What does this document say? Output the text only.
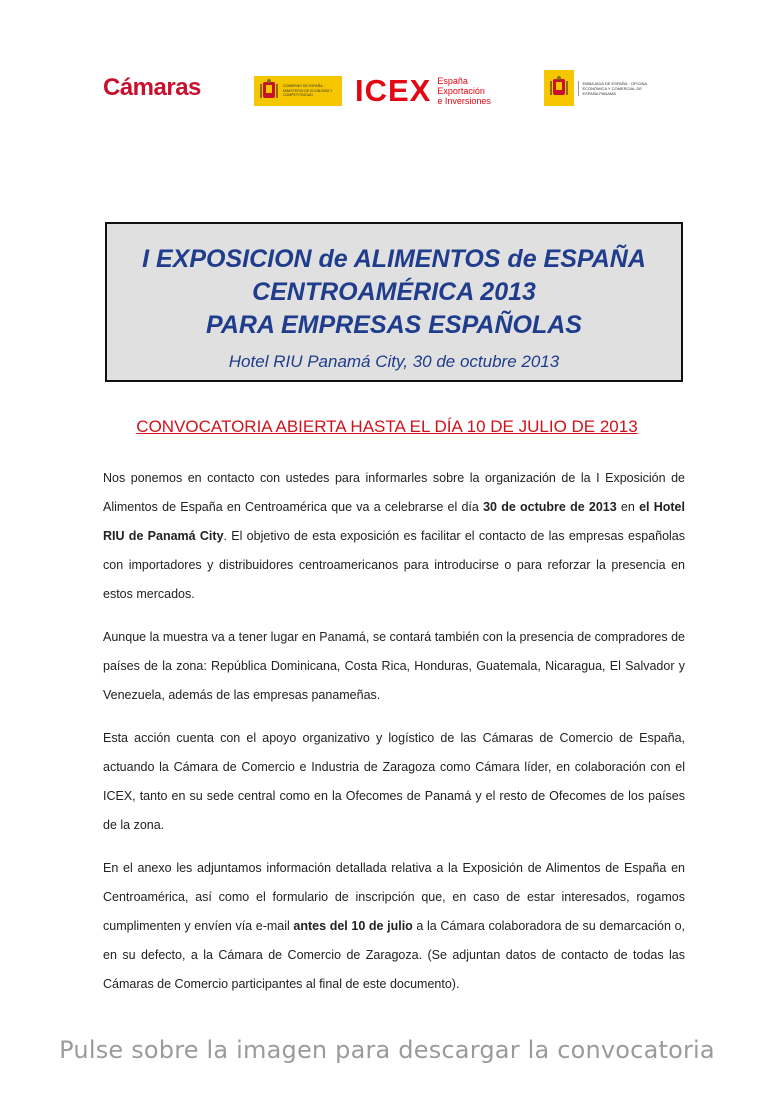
Cámaras	GOBIERNO DE ESPAÑA · MINISTERIO DE ECONOMÍA Y COMPETITIVIDAD	ICEX España
Exportación
e Inversiones
EMBAJADA DE ESPAÑA · OFICINA ECONÓMICA Y COMERCIAL DE ESPAÑA PANAMÁ
I EXPOSICION de ALIMENTOS de ESPAÑA
CENTROAMÉRICA 2013
PARA EMPRESAS ESPAÑOLAS
Hotel RIU Panamá City, 30 de octubre 2013
CONVOCATORIA ABIERTA HASTA EL DÍA 10 DE JULIO DE 2013

Nos ponemos en contacto con ustedes para informarles sobre la organización de la I Exposición de Alimentos de España en Centroamérica que va a celebrarse el día 30 de octubre de 2013 en el Hotel RIU de Panamá City. El objetivo de esta exposición es facilitar el contacto de las empresas españolas con importadores y distribuidores centroamericanos para introducirse o para reforzar la presencia en estos mercados.

Aunque la muestra va a tener lugar en Panamá, se contará también con la presencia de compradores de países de la zona: República Dominicana, Costa Rica, Honduras, Guatemala, Nicaragua, El Salvador y Venezuela, además de las empresas panameñas.

Esta acción cuenta con el apoyo organizativo y logístico de las Cámaras de Comercio de España, actuando la Cámara de Comercio e Industria de Zaragoza como Cámara líder, en colaboración con el ICEX, tanto en su sede central como en la Ofecomes de Panamá y el resto de Ofecomes de los países de la zona.

En el anexo les adjuntamos información detallada relativa a la Exposición de Alimentos de España en Centroamérica, así como el formulario de inscripción que, en caso de estar interesados, rogamos cumplimenten y envíen vía e-mail antes del 10 de julio a la Cámara colaboradora de su demarcación o, en su defecto, a la Cámara de Comercio de Zaragoza. (Se adjuntan datos de contacto de todas las Cámaras de Comercio participantes al final de este documento).

Pulse sobre la imagen para descargar la convocatoria
